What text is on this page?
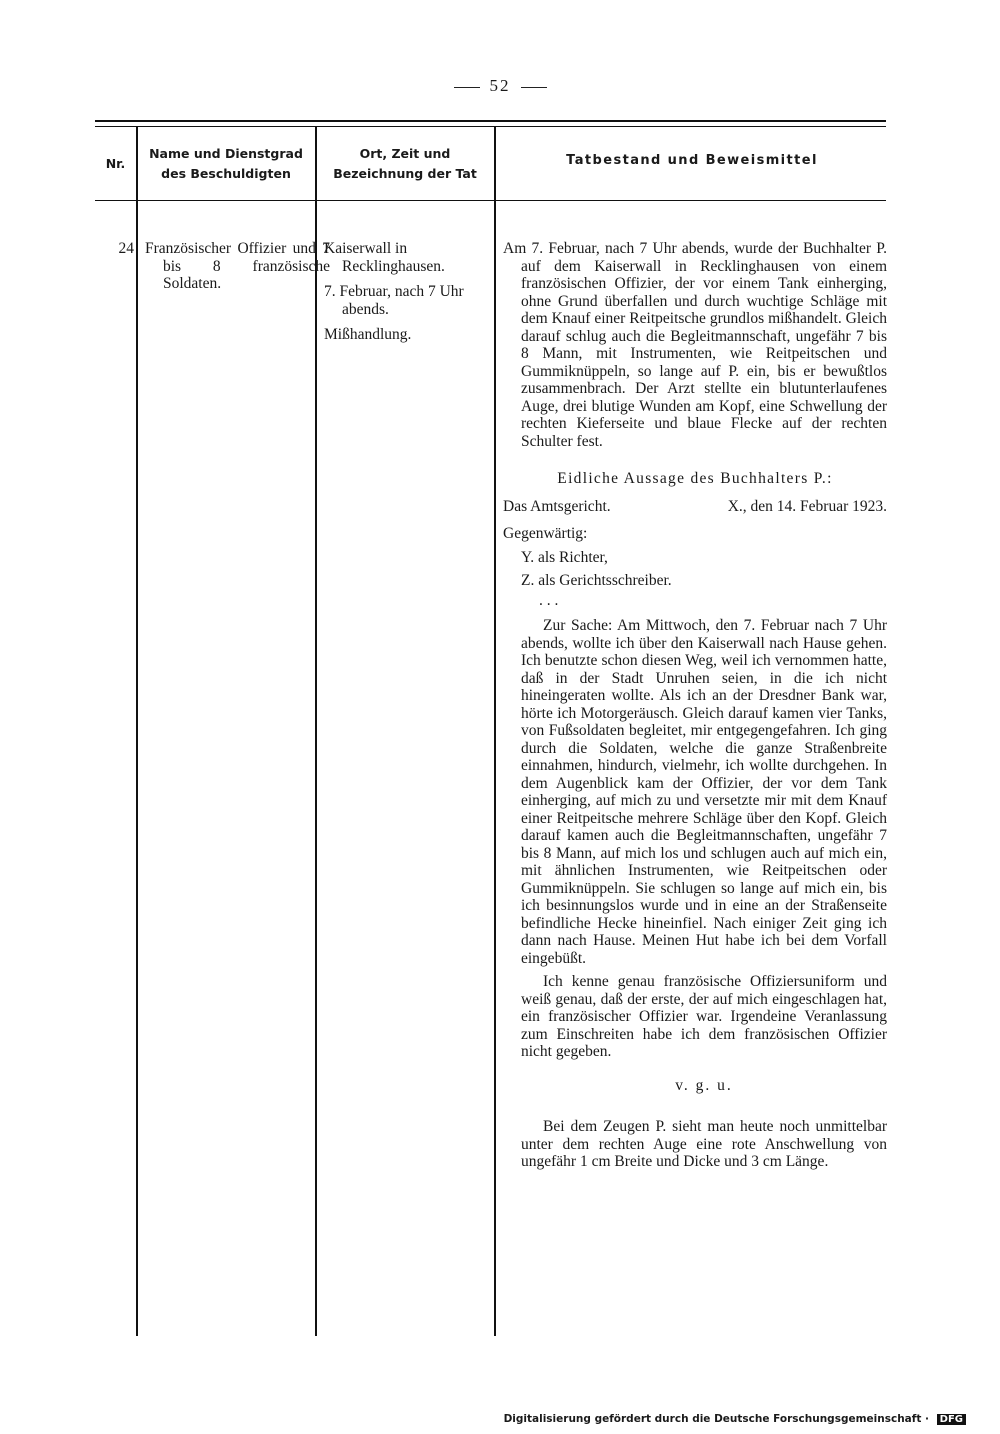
52
Nr.
Name und Dienstgrad des Beschuldigten
Ort, Zeit und Bezeichnung der Tat
Tatbestand und Beweismittel
24 Französischer Offizier und 7 bis 8 französische Soldaten.

Kaiserwall in Recklinghausen.

7. Februar, nach 7 Uhr abends.

Mißhandlung.

Am 7. Februar, nach 7 Uhr abends, wurde der Buchhalter P. auf dem Kaiserwall in Recklinghausen von einem französischen Offizier, der vor einem Tank einherging, ohne Grund überfallen und durch wuchtige Schläge mit dem Knauf einer Reitpeitsche grundlos mißhandelt. Gleich darauf schlug auch die Begleitmannschaft, ungefähr 7 bis 8 Mann, mit Instrumenten, wie Reitpeitschen und Gummiknüppeln, so lange auf P. ein, bis er bewußtlos zusammenbrach. Der Arzt stellte ein blutunterlaufenes Auge, drei blutige Wunden am Kopf, eine Schwellung der rechten Kieferseite und blaue Flecke auf der rechten Schulter fest.

Eidliche Aussage des Buchhalters P.:

Das Amtsgericht.	X., den 14. Februar 1923.

Gegenwärtig:

Y. als Richter,

Z. als Gerichtsschreiber.

. . .

Zur Sache: Am Mittwoch, den 7. Februar nach 7 Uhr abends, wollte ich über den Kaiserwall nach Hause gehen. Ich benutzte schon diesen Weg, weil ich vernommen hatte, daß in der Stadt Unruhen seien, in die ich nicht hineingeraten wollte. Als ich an der Dresdner Bank war, hörte ich Motorgeräusch. Gleich darauf kamen vier Tanks, von Fußsoldaten begleitet, mir entgegengefahren. Ich ging durch die Soldaten, welche die ganze Straßenbreite einnahmen, hindurch, vielmehr, ich wollte durchgehen. In dem Augenblick kam der Offizier, der vor dem Tank einherging, auf mich zu und versetzte mir mit dem Knauf einer Reitpeitsche mehrere Schläge über den Kopf. Gleich darauf kamen auch die Begleitmannschaften, ungefähr 7 bis 8 Mann, auf mich los und schlugen auch auf mich ein, mit ähnlichen Instrumenten, wie Reitpeitschen oder Gummiknüppeln. Sie schlugen so lange auf mich ein, bis ich besinnungslos wurde und in eine an der Straßenseite befindliche Hecke hineinfiel. Nach einiger Zeit ging ich dann nach Hause. Meinen Hut habe ich bei dem Vorfall eingebüßt.

Ich kenne genau französische Offiziersuniform und weiß genau, daß der erste, der auf mich eingeschlagen hat, ein französischer Offizier war. Irgendeine Veranlassung zum Einschreiten habe ich dem französischen Offizier nicht gegeben.

v. g. u.

Bei dem Zeugen P. sieht man heute noch unmittelbar unter dem rechten Auge eine rote Anschwellung von ungefähr 1 cm Breite und Dicke und 3 cm Länge.

Digitalisierung gefördert durch die Deutsche Forschungsgemeinschaft · DFG
